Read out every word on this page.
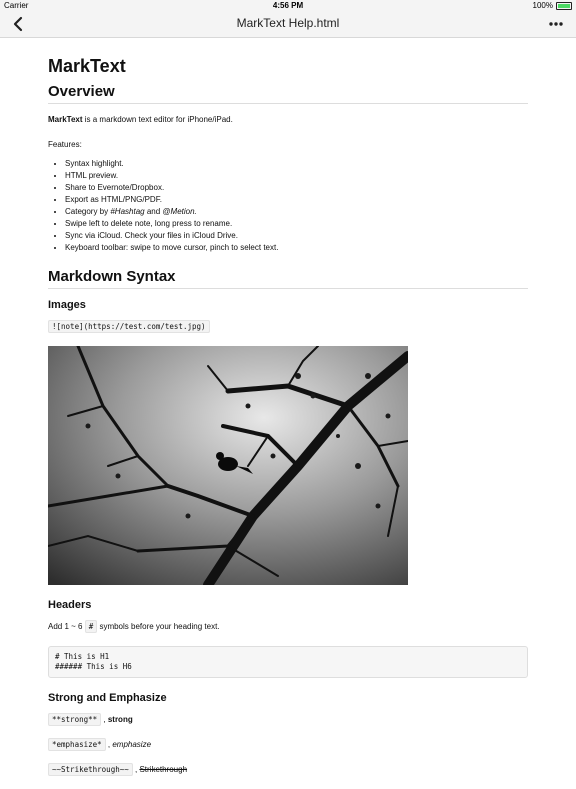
Carrier	4:56 PM	100%
MarkText Help.html
MarkText
Overview

MarkText is a markdown text editor for iPhone/iPad.

Features:

• Syntax highlight.
• HTML preview.
• Share to Evernote/Dropbox.
• Export as HTML/PNG/PDF.
• Category by #Hashtag and @Metion.
• Swipe left to delete note, long press to rename.
• Sync via iCloud. Check your files in iCloud Drive.
• Keyboard toolbar: swipe to move cursor, pinch to select text.
Markdown Syntax
Images

![note](https://test.com/test.jpg)

Headers

Add 1 ~ 6 # symbols before your heading text.

# This is H1
###### This is H6
Strong and Emphasize

**strong** , strong

*emphasize* , emphasize

~~Strikethrough~~ , Strikethrough
